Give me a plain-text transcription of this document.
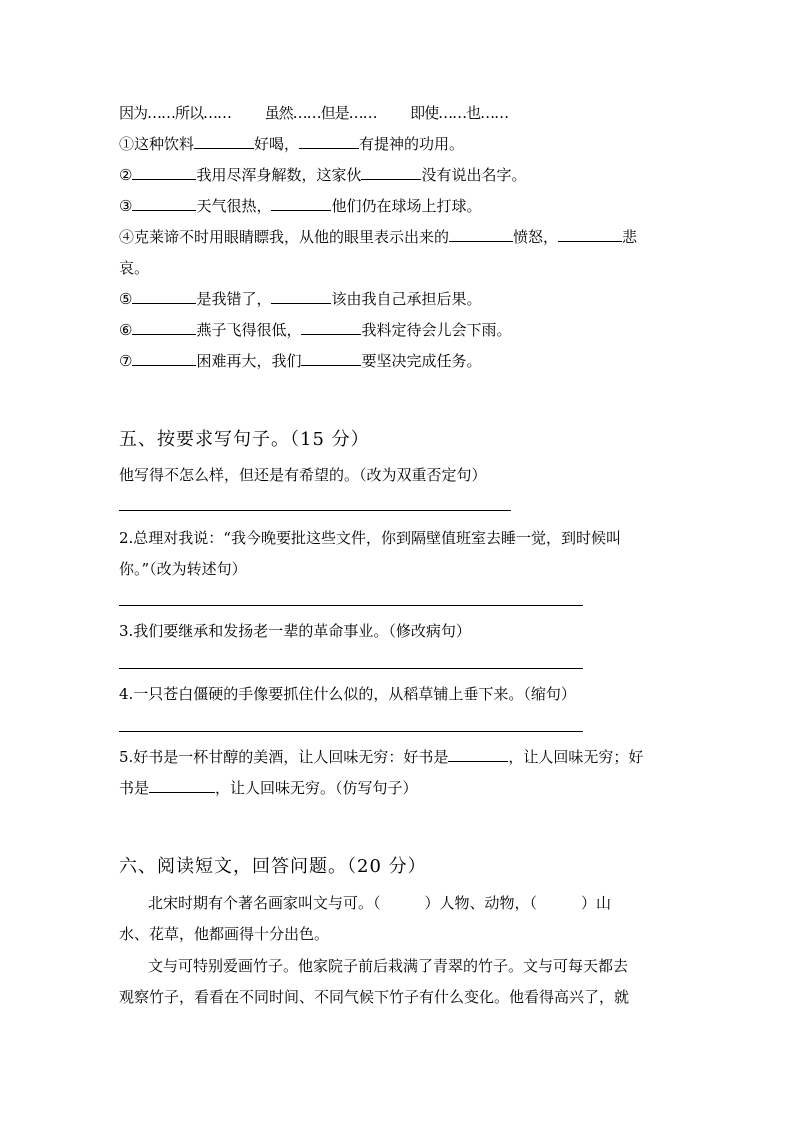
因为……所以…… 虽然……但是…… 即使……也……
①这种饮料	好喝，	有提神的功用。
②	我用尽浑身解数，这家伙	没有说出名字。
③	天气很热，	他们仍在球场上打球。
④克莱谛不时用眼睛瞟我，从他的眼里表示出来的	愤怒，	悲
哀。
⑤	是我错了，	该由我自己承担后果。
⑥	燕子飞得很低，	我料定待会儿会下雨。
⑦	困难再大，我们	要坚决完成任务。
五、按要求写句子。（15 分）
他写得不怎么样，但还是有希望的。（改为双重否定句）
2.总理对我说：“我今晚要批这些文件，你到隔壁值班室去睡一觉，到时候叫
你。”（改为转述句）
3.我们要继承和发扬老一辈的革命事业。（修改病句）
4.一只苍白僵硬的手像要抓住什么似的，从稻草铺上垂下来。（缩句）
5.好书是一杯甘醇的美酒，让人回味无穷：好书是	，让人回味无穷；好
书是	，让人回味无穷。（仿写句子）
六、阅读短文，回答问题。（20 分）
北宋时期有个著名画家叫文与可。（	）人物、动物，（	）山
水、花草，他都画得十分出色。
文与可特别爱画竹子。他家院子前后栽满了青翠的竹子。文与可每天都去
观察竹子，看看在不同时间、不同气候下竹子有什么变化。他看得高兴了，就
